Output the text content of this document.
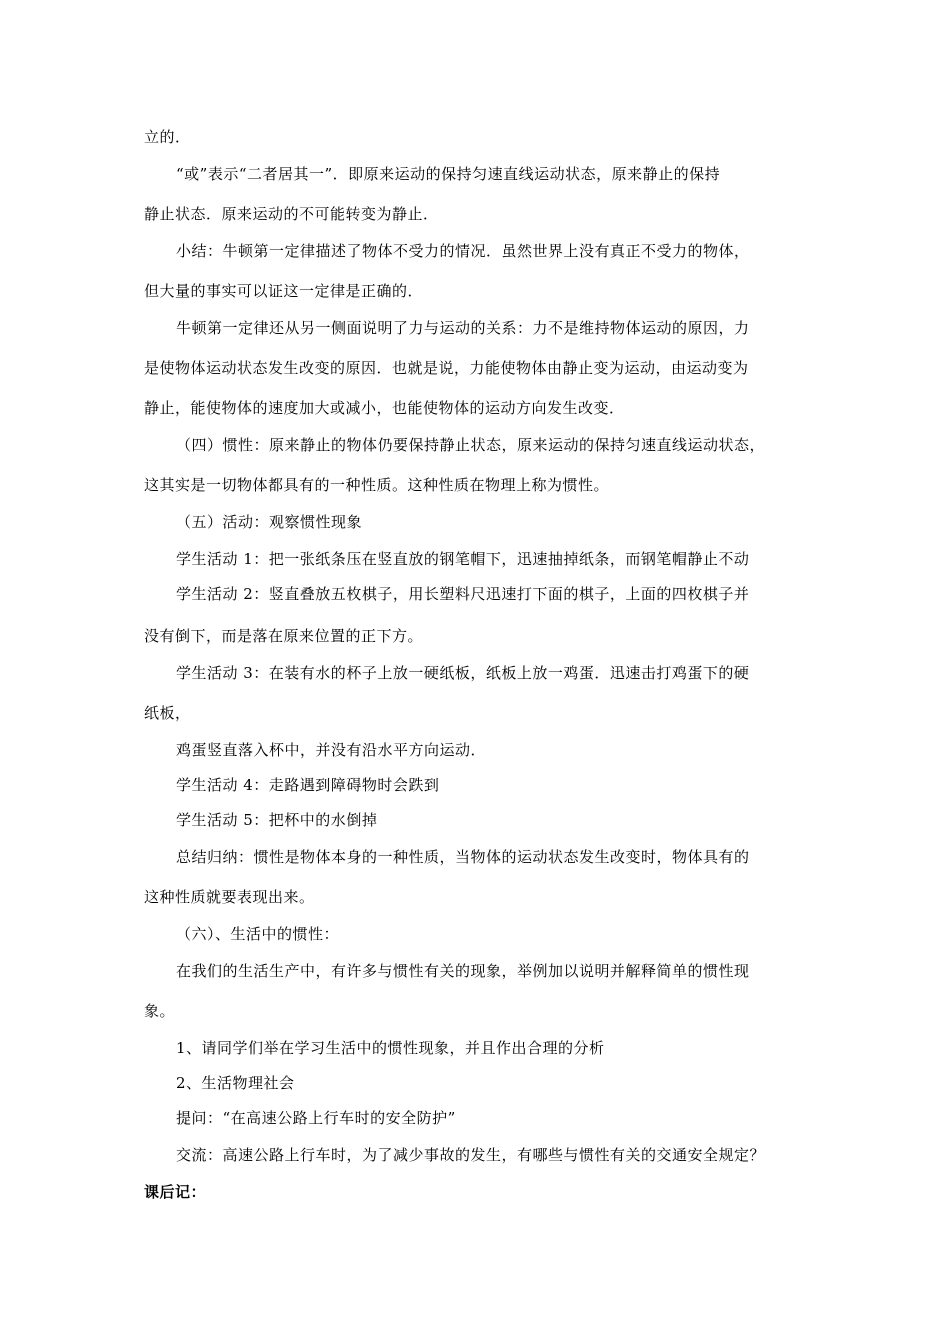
立的．
“或”表示“二者居其一”．即原来运动的保持匀速直线运动状态，原来静止的保持
静止状态．原来运动的不可能转变为静止．
小结：牛顿第一定律描述了物体不受力的情况．虽然世界上没有真正不受力的物体，
但大量的事实可以证这一定律是正确的．
牛顿第一定律还从另一侧面说明了力与运动的关系：力不是维持物体运动的原因，力
是使物体运动状态发生改变的原因．也就是说，力能使物体由静止变为运动，由运动变为
静止，能使物体的速度加大或减小，也能使物体的运动方向发生改变．
（四）惯性：原来静止的物体仍要保持静止状态，原来运动的保持匀速直线运动状态，
这其实是一切物体都具有的一种性质。这种性质在物理上称为惯性。
（五）活动：观察惯性现象
学生活动 1：把一张纸条压在竖直放的钢笔帽下，迅速抽掉纸条，而钢笔帽静止不动
学生活动 2：竖直叠放五枚棋子，用长塑料尺迅速打下面的棋子，上面的四枚棋子并
没有倒下，而是落在原来位置的正下方。
学生活动 3：在装有水的杯子上放一硬纸板，纸板上放一鸡蛋．迅速击打鸡蛋下的硬
纸板，
鸡蛋竖直落入杯中，并没有沿水平方向运动．
学生活动 4：走路遇到障碍物时会跌到
学生活动 5：把杯中的水倒掉
总结归纳：惯性是物体本身的一种性质，当物体的运动状态发生改变时，物体具有的
这种性质就要表现出来。
（六）、生活中的惯性：
在我们的生活生产中，有许多与惯性有关的现象，举例加以说明并解释简单的惯性现
象。
1、请同学们举在学习生活中的惯性现象，并且作出合理的分析
2、生活物理社会
提问：“在高速公路上行车时的安全防护”
交流：高速公路上行车时，为了减少事故的发生，有哪些与惯性有关的交通安全规定？
课后记：
